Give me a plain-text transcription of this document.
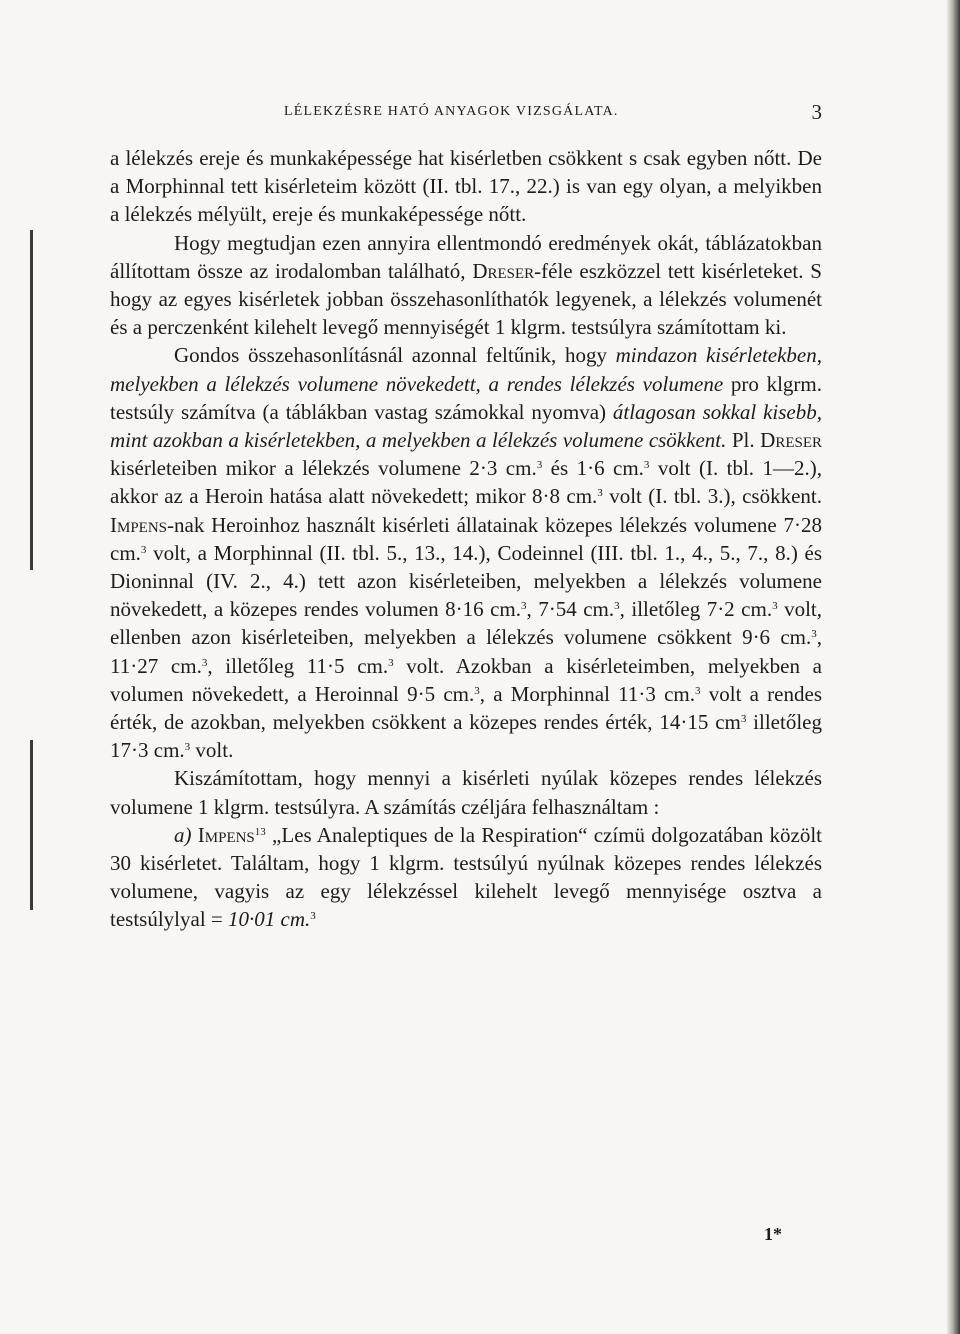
LÉLEKZÉSRE HATÓ ANYAGOK VIZSGÁLATA.	3

a lélekzés ereje és munkaképessége hat kisérletben csökkent s csak egyben nőtt. De a Morphinnal tett kisérleteim között (II. tbl. 17., 22.) is van egy olyan, a melyikben a lélekzés mélyült, ereje és munkaképessége nőtt.

Hogy megtudjan ezen annyira ellentmondó eredmények okát, táblázatokban állítottam össze az irodalomban található, Dreser-féle eszközzel tett kisérleteket. S hogy az egyes kisérletek jobban összehasonlíthatók legyenek, a lélekzés volumenét és a perczenként kilehelt levegő mennyiségét 1 klgrm. testsúlyra számítottam ki.

Gondos összehasonlításnál azonnal feltűnik, hogy mindazon kisérletekben, melyekben a lélekzés volumene növekedett, a rendes lélekzés volumene pro klgrm. testsúly számítva (a táblákban vastag számokkal nyomva) átlagosan sokkal kisebb, mint azokban a kisérletekben, a melyekben a lélekzés volumene csökkent. Pl. Dreser kisérleteiben mikor a lélekzés volumene 2·3 cm.$^3$ és 1·6 cm.$^3$ volt (I. tbl. 1—2.), akkor az a Heroin hatása alatt növekedett; mikor 8·8 cm.$^3$ volt (I. tbl. 3.), csökkent. Impens-nak Heroinhoz használt kisérleti állatainak közepes lélekzés volumene 7·28 cm.$^3$ volt, a Morphinnal (II. tbl. 5., 13., 14.), Codeinnel (III. tbl. 1., 4., 5., 7., 8.) és Dioninnal (IV. 2., 4.) tett azon kisérleteiben, melyekben a lélekzés volumene növekedett, a közepes rendes volumen 8·16 cm.$^3$, 7·54 cm.$^3$, illetőleg 7·2 cm.$^3$ volt, ellenben azon kisérleteiben, melyekben a lélekzés volumene csökkent 9·6 cm.$^3$, 11·27 cm.$^3$, illetőleg 11·5 cm.$^3$ volt. Azokban a kisérleteimben, melyekben a volumen növekedett, a Heroinnal 9·5 cm.$^3$, a Morphinnal 11·3 cm.$^3$ volt a rendes érték, de azokban, melyekben csökkent a közepes rendes érték, 14·15 $cm^3$ illetőleg 17·3 cm.$^3$ volt.

Kiszámítottam, hogy mennyi a kisérleti nyúlak közepes rendes lélekzés volumene 1 klgrm. testsúlyra. A számítás czéljára felhasználtam :

a) Impens$^{13}$ „Les Analeptiques de la Respiration“ czímü dolgozatában közölt 30 kisérletet. Találtam, hogy 1 klgrm. testsúlyú nyúlnak közepes rendes lélekzés volumene, vagyis az egy lélekzéssel kilehelt levegő mennyisége osztva a testsúlylyal = 10·01 cm.$^3$

1*
